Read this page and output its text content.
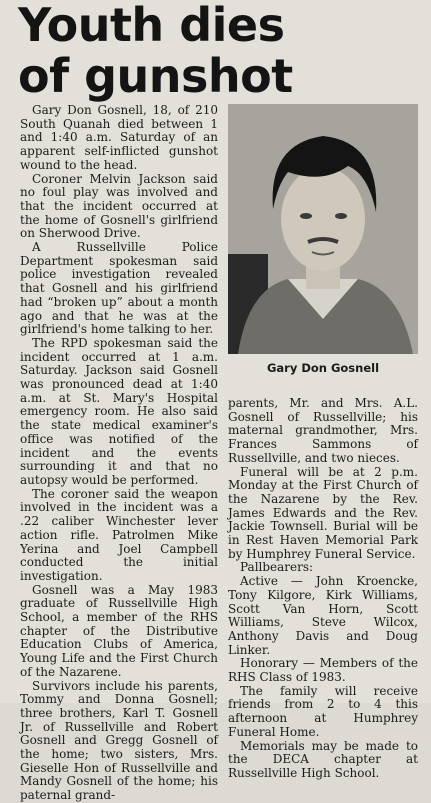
Youth dies
of gunshot

Gary Don Gosnell, 18, of 210 South Quanah died between 1 and 1:40 a.m. Saturday of an apparent self-inflicted gunshot wound to the head.

Coroner Melvin Jackson said no foul play was involved and that the incident occurred at the home of Gosnell's girlfriend on Sherwood Drive.

A Russellville Police Department spokesman said police investigation revealed that Gosnell and his girlfriend had “broken up” about a month ago and that he was at the girlfriend's home talking to her.

The RPD spokesman said the incident occurred at 1 a.m. Saturday. Jackson said Gosnell was pronounced dead at 1:40 a.m. at St. Mary's Hospital emergency room. He also said the state medical examiner's office was notified of the incident and the events surrounding it and that no autopsy would be performed.

The coroner said the weapon involved in the incident was a .22 caliber Winchester lever action rifle. Patrolmen Mike Yerina and Joel Campbell conducted the initial investigation.

Gosnell was a May 1983 graduate of Russellville High School, a member of the RHS chapter of the Distributive Education Clubs of America, Young Life and the First Church of the Nazarene.

Survivors include his parents, Tommy and Donna Gosnell; three brothers, Karl T. Gosnell Jr. of Russellville and Robert Gosnell and Gregg Gosnell of the home; two sisters, Mrs. Gieselle Hon of Russellville and Mandy Gosnell of the home; his paternal grand-

Gary Don Gosnell

parents, Mr. and Mrs. A.L. Gosnell of Russellville; his maternal grandmother, Mrs. Frances Sammons of Russellville, and two nieces.

Funeral will be at 2 p.m. Monday at the First Church of the Nazarene by the Rev. James Edwards and the Rev. Jackie Townsell. Burial will be in Rest Haven Memorial Park by Humphrey Funeral Service.

Pallbearers:

Active — John Kroencke, Tony Kilgore, Kirk Williams, Scott Van Horn, Scott Williams, Steve Wilcox, Anthony Davis and Doug Linker.

Honorary — Members of the RHS Class of 1983.

The family will receive friends from 2 to 4 this afternoon at Humphrey Funeral Home.

Memorials may be made to the DECA chapter at Russellville High School.
